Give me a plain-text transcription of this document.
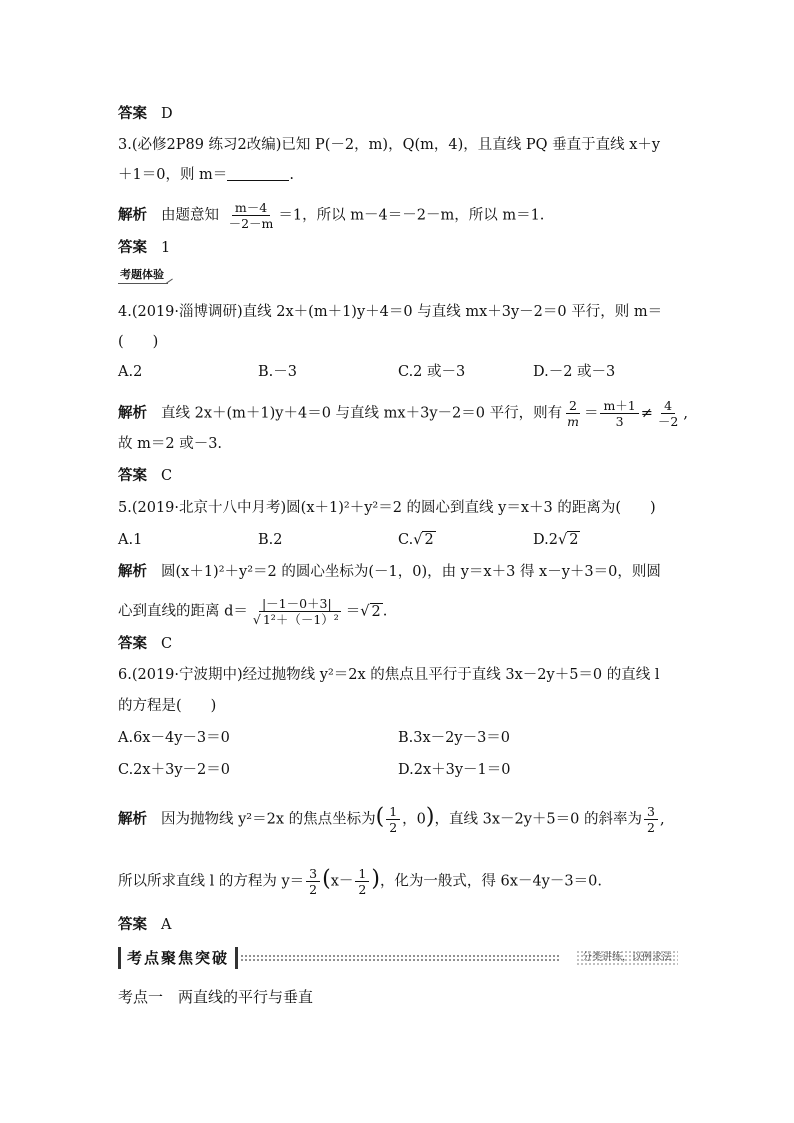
答案 D
3.(必修2P89 练习2改编)已知 P(－2，m)，Q(m，4)，且直线 PQ 垂直于直线 x＋y
＋1＝0，则 m＝	.
解析 由题意知 $\frac{m-4}{-2-m} =1$，所以 m－4＝－2－m，所以 m＝1.
答案 1
考题体验
4.(2019·淄博调研)直线 2x＋(m＋1)y＋4＝0 与直线 mx＋3y－2＝0 平行，则 m＝
(　　)
A.2	B.－3	C.2 或－3	D.－2 或－3
解析 直线 2x＋(m＋1)y＋4＝0 与直线 mx＋3y－2＝0 平行，则有 $\frac{2}{m} = \frac{m+1}{3} \ne \frac{4}{-2}$ ,
故 m＝2 或－3.
答案 C
5.(2019·北京十八中月考)圆(x＋1)²＋y²＝2 的圆心到直线 y＝x＋3 的距离为(　　)
A.1	B.2	C.√ 2	D.2√ 2
解析 圆(x＋1)²＋y²＝2 的圆心坐标为(－1，0)，由 y＝x＋3 得 x－y＋3＝0，则圆
心到直线的距离 $d= \frac{|-1-0+3|}{\text{√ 1²＋（－1）²}}$ ＝√ 2 .
答案 C
6.(2019·宁波期中)经过抛物线 y²＝2x 的焦点且平行于直线 3x－2y＋5＝0 的直线 l
的方程是(　　)
A.6x－4y－3＝0	B.3x－2y－3＝0
C.2x＋3y－2＝0	D.2x＋3y－1＝0
解析 因为抛物线 y²＝2x 的焦点坐标为( $\frac{1}{2}$ ，0)，直线 3x－2y＋5＝0 的斜率为 $\frac{3}{2}$ ,
所以所求直线 l 的方程为 $y= \frac{3}{2} (x- \frac{1}{2}$ )，化为一般式，得 6x－4y－3＝0.
答案 A
考点聚焦突破	分类讲练，以例求法
考点一　两直线的平行与垂直
